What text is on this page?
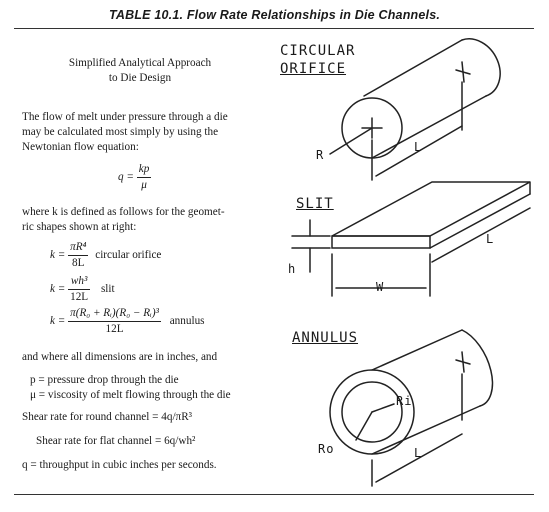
TABLE 10.1. Flow Rate Relationships in Die Channels.
Simplified Analytical Approach
to Die Design
The flow of melt under pressure through a die
may be calculated most simply by using the
Newtonian flow equation:
$q = \frac{kp}{\mu}$
where k is defined as follows for the geomet-
ric shapes shown at right:
$k = \frac{\text{πR⁴}}{8L}$ circular orifice
$k = \frac{\text{wh³}}{12L}$ slit
$k = \frac{\text{π(R₀ + Rᵢ)(R₀ − Rᵢ)³}}{12L}$ annulus
and where all dimensions are in inches, and
p = pressure drop through the die
μ = viscosity of melt flowing through the die
Shear rate for round channel = 4q/πR³
Shear rate for flat channel = 6q/wh²
q = throughput in cubic inches per seconds.
CIRCULAR
ORIFICE
R
L
SLIT
h
W
L
ANNULUS
Ri
Ro	L
